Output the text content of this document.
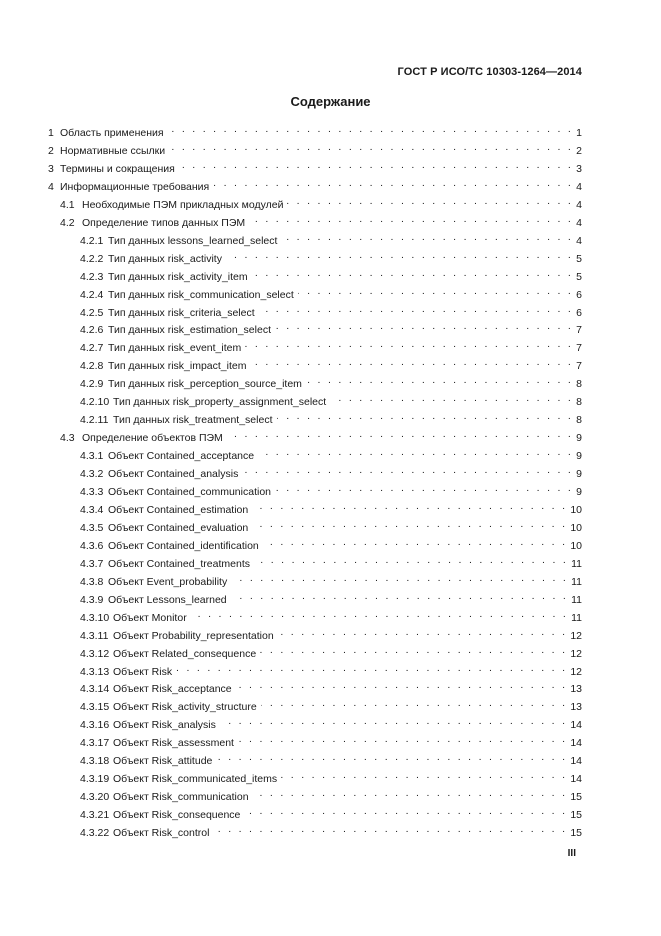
ГОСТ Р ИСО/ТС 10303-1264—2014
Содержание
1 Область применения . . .	1
2 Нормативные ссылки . . .	2
3 Термины и сокращения . . .	3
4 Информационные требования . . .	4
4.1 Необходимые ПЭМ прикладных модулей . . .	4
4.2 Определение типов данных ПЭМ . . .	4
4.2.1 Тип данных lessons_learned_select . . .	4
4.2.2 Тип данных risk_activity . . .	5
4.2.3 Тип данных risk_activity_item . . .	5
4.2.4 Тип данных risk_communication_select . . .	6
4.2.5 Тип данных risk_criteria_select . . .	6
4.2.6 Тип данных risk_estimation_select . . .	7
4.2.7 Тип данных risk_event_item . . .	7
4.2.8 Тип данных risk_impact_item . . .	7
4.2.9 Тип данных risk_perception_source_item . . .	8
4.2.10 Тип данных risk_property_assignment_select . . .	8
4.2.11 Тип данных risk_treatment_select . . .	8
4.3 Определение объектов ПЭМ . . .	9
4.3.1 Объект Contained_acceptance . . .	9
4.3.2 Объект Contained_analysis . . .	9
4.3.3 Объект Contained_communication . . .	9
4.3.4 Объект Contained_estimation . . .	10
4.3.5 Объект Contained_evaluation . . .	10
4.3.6 Объект Contained_identification . . .	10
4.3.7 Объект Contained_treatments . . .	11
4.3.8 Объект Event_probability . . .	11
4.3.9 Объект Lessons_learned . . .	11
4.3.10 Объект Monitor . . .	11
4.3.11 Объект Probability_representation . . .	12
4.3.12 Объект Related_consequence . . .	12
4.3.13 Объект Risk . . .	12
4.3.14 Объект Risk_acceptance . . .	13
4.3.15 Объект Risk_activity_structure . . .	13
4.3.16 Объект Risk_analysis . . .	14
4.3.17 Объект Risk_assessment . . .	14
4.3.18 Объект Risk_attitude . . .	14
4.3.19 Объект Risk_communicated_items . . .	14
4.3.20 Объект Risk_communication . . .	15
4.3.21 Объект Risk_consequence . . .	15
4.3.22 Объект Risk_control . . .	15
III
